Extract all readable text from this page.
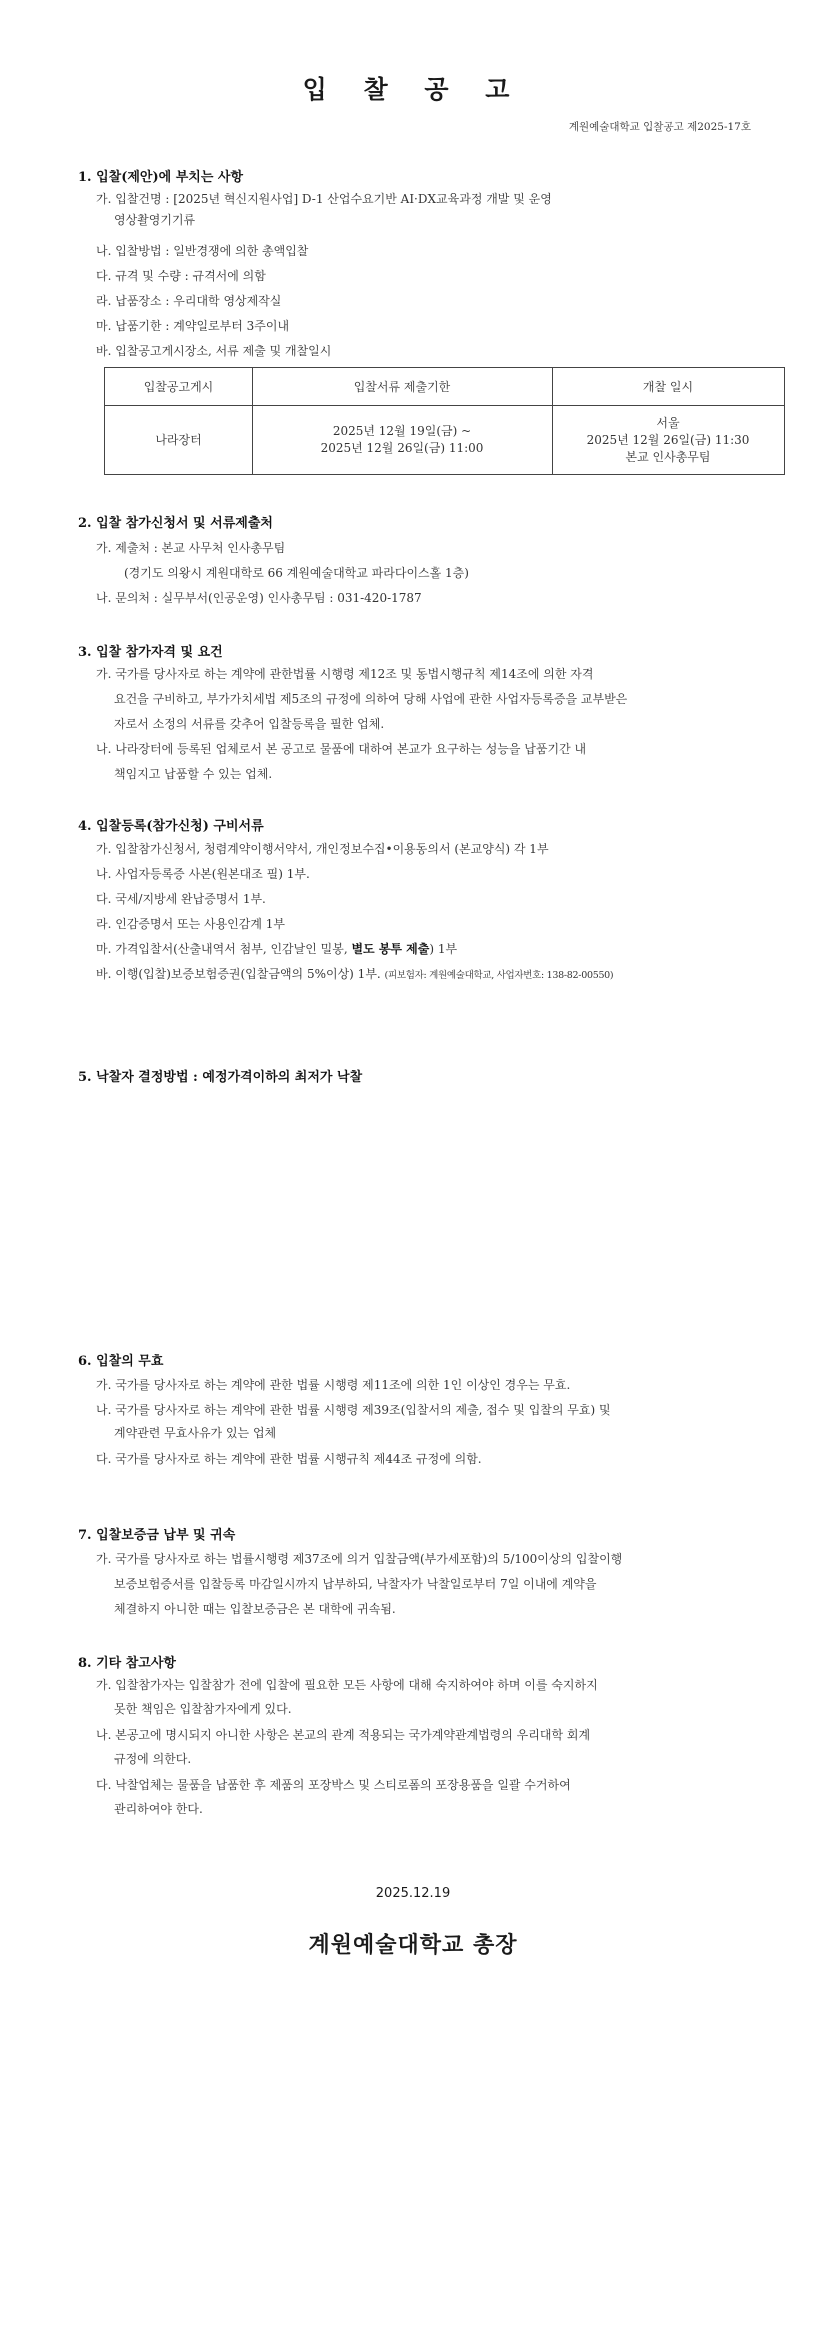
입 찰 공 고
계원예술대학교 입찰공고 제2025-17호
1. 입찰(제안)에 부치는 사항
가. 입찰건명 : [2025년 혁신지원사업] D-1 산업수요기반 AI·DX교육과정 개발 및 운영
영상촬영기기류
나. 입찰방법 : 일반경쟁에 의한 총액입찰
다. 규격 및 수량 : 규격서에 의함
라. 납품장소 : 우리대학 영상제작실
마. 납품기한 : 계약일로부터 3주이내
바. 입찰공고게시장소, 서류 제출 및 개찰일시
입찰공고게시	입찰서류 제출기한	개찰 일시
나라장터
2025년 12월 19일(금) ~
2025년 12월 26일(금) 11:00
서울
2025년 12월 26일(금) 11:30
본교 인사총무팀
2. 입찰 참가신청서 및 서류제출처
가. 제출처 : 본교 사무처 인사총무팀
(경기도 의왕시 계원대학로 66 계원예술대학교 파라다이스홀 1층)
나. 문의처 : 실무부서(인공운영) 인사총무팀 : 031-420-1787
3. 입찰 참가자격 및 요건
가. 국가를 당사자로 하는 계약에 관한법률 시행령 제12조 및 동법시행규칙 제14조에 의한 자격
요건을 구비하고, 부가가치세법 제5조의 규정에 의하여 당해 사업에 관한 사업자등록증을 교부받은
자로서 소정의 서류를 갖추어 입찰등록을 필한 업체.
나. 나라장터에 등록된 업체로서 본 공고로 물품에 대하여 본교가 요구하는 성능을 납품기간 내
책임지고 납품할 수 있는 업체.
4. 입찰등록(참가신청) 구비서류
가. 입찰참가신청서, 청렴계약이행서약서, 개인정보수집•이용동의서 (본교양식) 각 1부
나. 사업자등록증 사본(원본대조 필) 1부.
다. 국세/지방세 완납증명서 1부.
라. 인감증명서 또는 사용인감계 1부
마. 가격입찰서(산출내역서 첨부, 인감날인 밀봉, 별도 봉투 제출) 1부
바. 이행(입찰)보증보험증권(입찰금액의 5%이상) 1부. (피보험자: 계원예술대학교, 사업자번호: 138-82-00550)
5. 낙찰자 결정방법 : 예정가격이하의 최저가 낙찰
6. 입찰의 무효
가. 국가를 당사자로 하는 계약에 관한 법률 시행령 제11조에 의한 1인 이상인 경우는 무효.
나. 국가를 당사자로 하는 계약에 관한 법률 시행령 제39조(입찰서의 제출, 접수 및 입찰의 무효) 및
계약관련 무효사유가 있는 업체
다. 국가를 당사자로 하는 계약에 관한 법률 시행규칙 제44조 규정에 의함.
7. 입찰보증금 납부 및 귀속
가. 국가를 당사자로 하는 법률시행령 제37조에 의거 입찰금액(부가세포함)의 5/100이상의 입찰이행
보증보험증서를 입찰등록 마감일시까지 납부하되, 낙찰자가 낙찰일로부터 7일 이내에 계약을
체결하지 아니한 때는 입찰보증금은 본 대학에 귀속됨.
8. 기타 참고사항
가. 입찰참가자는 입찰참가 전에 입찰에 필요한 모든 사항에 대해 숙지하여야 하며 이를 숙지하지
못한 책임은 입찰참가자에게 있다.
나. 본공고에 명시되지 아니한 사항은 본교의 관계 적용되는 국가계약관계법령의 우리대학 회계
규정에 의한다.
다. 낙찰업체는 물품을 납품한 후 제품의 포장박스 및 스티로폼의 포장용품을 일괄 수거하여
관리하여야 한다.
2025.12.19
계원예술대학교 총장
